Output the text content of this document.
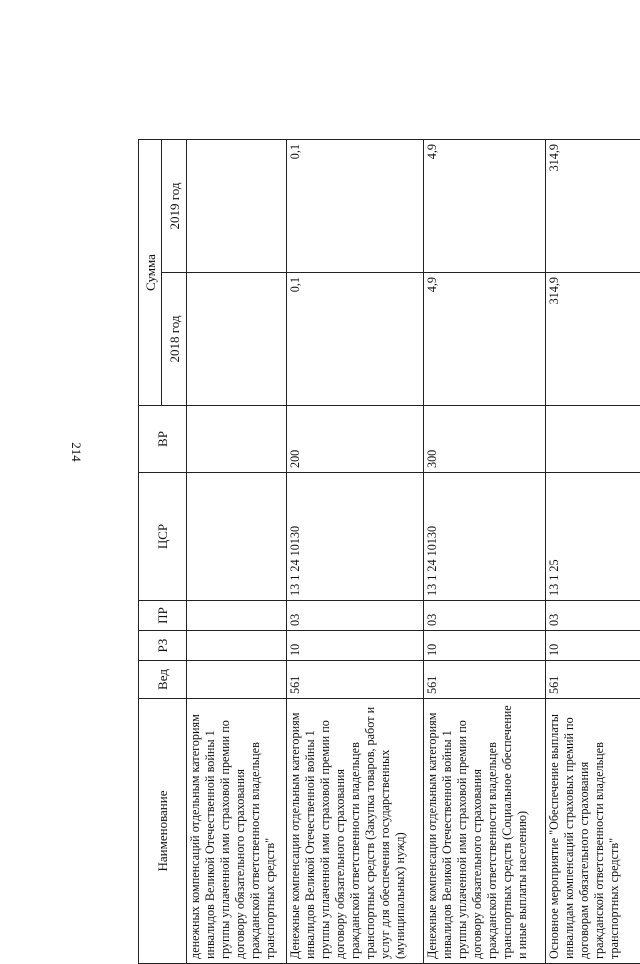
214
Наименование	Вед	РЗ	ПР	ЦСР	ВР	Сумма	
						2018 год	2019 год
денежных компенсаций отдельным категориям инвалидов Великой Отечественной войны 1 группы уплаченной ими страховой премии по договору обязательного страхования гражданской ответственности владельцев транспортных средств"							
Денежные компенсации отдельным категориям инвалидов Великой Отечественной войны 1 группы уплаченной ими страховой премии по договору обязательного страхования гражданской ответственности владельцев транспортных средств (Закупка товаров, работ и услуг для обеспечения государственных (муниципальных) нужд)	561	10	03	13 1 24 10130	200	0,1	0,1
Денежные компенсации отдельным категориям инвалидов Великой Отечественной войны 1 группы уплаченной ими страховой премии по договору обязательного страхования гражданской ответственности владельцев транспортных средств (Социальное обеспечение и иные выплаты населению)	561	10	03	13 1 24 10130	300	4,9	4,9
Основное мероприятие "Обеспечение выплаты инвалидам компенсаций страховых премий по договорам обязательного страхования гражданской ответственности владельцев транспортных средств"	561	10	03	13 1 25		314,9	314,9
